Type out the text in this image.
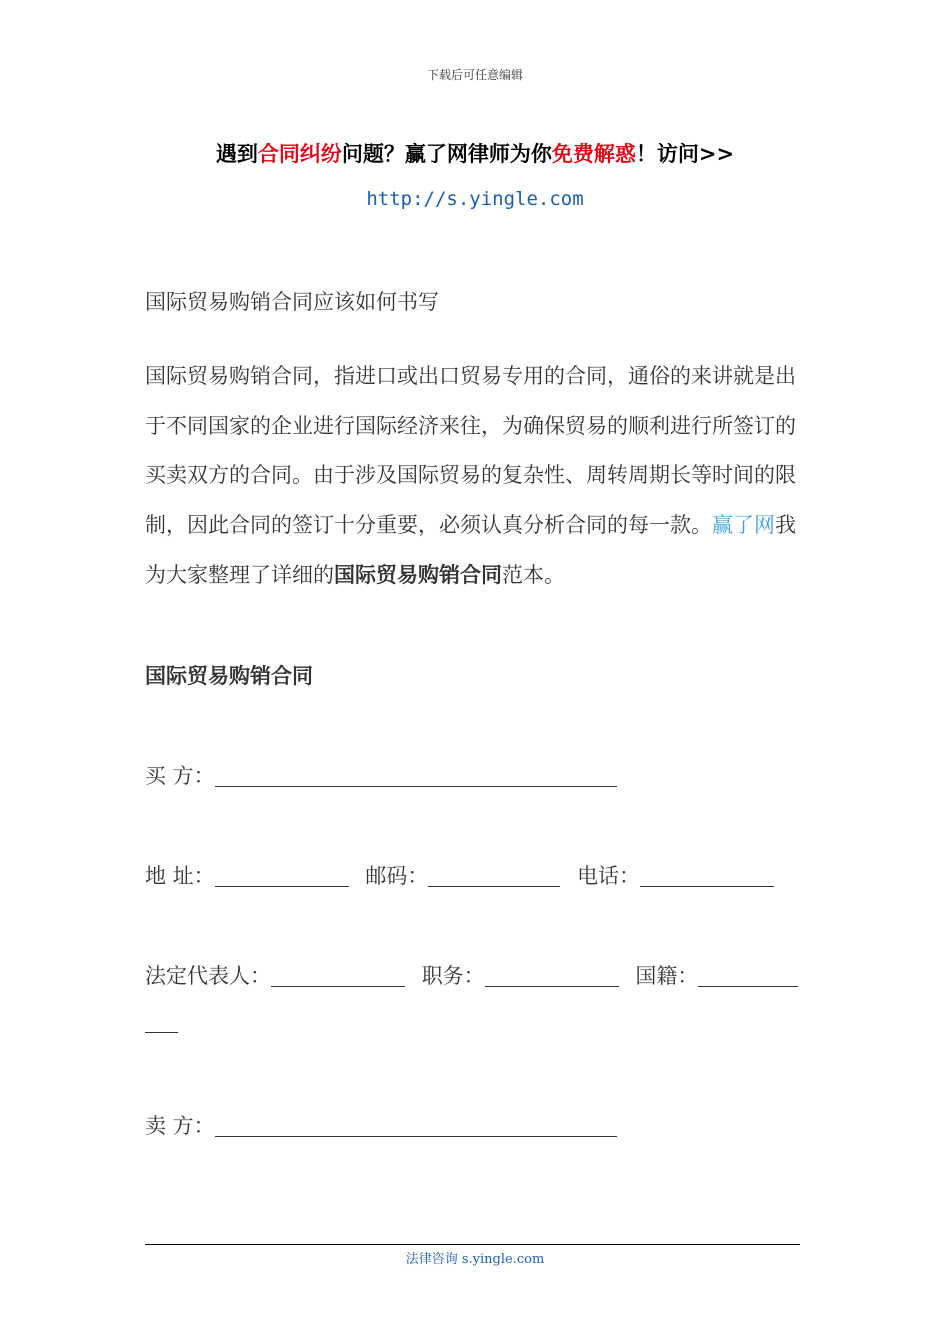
下载后可任意编辑
遇到合同纠纷问题？赢了网律师为你免费解惑！访问>>
http://s.yingle.com
国际贸易购销合同应该如何书写

国际贸易购销合同，指进口或出口贸易专用的合同，通俗的来讲就是出于不同国家的企业进行国际经济来往，为确保贸易的顺利进行所签订的买卖双方的合同。由于涉及国际贸易的复杂性、周转周期长等时间的限制，因此合同的签订十分重要，必须认真分析合同的每一款。赢了网我为大家整理了详细的国际贸易购销合同范本。

国际贸易购销合同
买 方：
地 址：	邮码：	电话：
法定代表人：	职务：	国籍：
卖 方：
法律咨询 s.yingle.com
